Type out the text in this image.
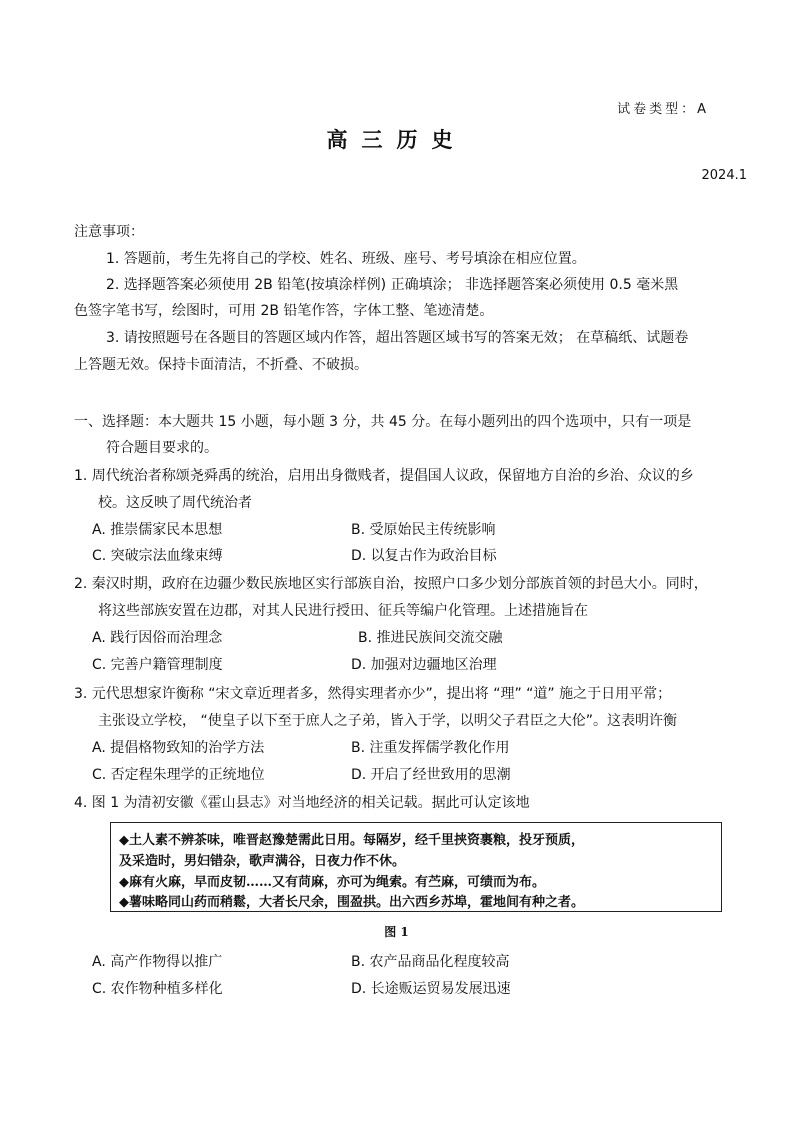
试卷类型：A
高三历史
2024.1
注意事项：
1. 答题前，考生先将自己的学校、姓名、班级、座号、考号填涂在相应位置。
2. 选择题答案必须使用 2B 铅笔(按填涂样例) 正确填涂； 非选择题答案必须使用 0.5 毫米黑
色签字笔书写，绘图时，可用 2B 铅笔作答，字体工整、笔迹清楚。
3. 请按照题号在各题目的答题区域内作答，超出答题区域书写的答案无效； 在草稿纸、试题卷
上答题无效。保持卡面清洁，不折叠、不破损。
一、选择题：本大题共 15 小题，每小题 3 分，共 45 分。在每小题列出的四个选项中，只有一项是
符合题目要求的。
1. 周代统治者称颂尧舜禹的统治，启用出身微贱者，提倡国人议政，保留地方自治的乡治、众议的乡
校。这反映了周代统治者
A. 推崇儒家民本思想	B. 受原始民主传统影响
C. 突破宗法血缘束缚	D. 以复古作为政治目标
2. 秦汉时期，政府在边疆少数民族地区实行部族自治，按照户口多少划分部族首领的封邑大小。同时，
将这些部族安置在边郡，对其人民进行授田、征兵等编户化管理。上述措施旨在
A. 践行因俗而治理念	B. 推进民族间交流交融
C. 完善户籍管理制度	D. 加强对边疆地区治理
3. 元代思想家许衡称 “宋文章近理者多，然得实理者亦少”，提出将 “理” “道” 施之于日用平常；
主张设立学校， “使皇子以下至于庶人之子弟，皆入于学，以明父子君臣之大伦”。这表明许衡
A. 提倡格物致知的治学方法	B. 注重发挥儒学教化作用
C. 否定程朱理学的正统地位	D. 开启了经世致用的思潮
4. 图 1 为清初安徽《霍山县志》对当地经济的相关记载。据此可认定该地
◆土人素不辨茶味，唯晋赵豫楚需此日用。每隔岁，经千里挟资裹粮，投牙预质，
及采造时，男妇错杂，歌声满谷，日夜力作不休。
◆麻有火麻，早而皮韧……又有苘麻，亦可为绳索。有苎麻，可绩而为布。
◆薯味略同山药而稍鬆，大者长尺余，围盈拱。出六西乡苏埠，霍地间有种之者。
图 1
A. 高产作物得以推广	B. 农产品商品化程度较高
C. 农作物种植多样化	D. 长途贩运贸易发展迅速
